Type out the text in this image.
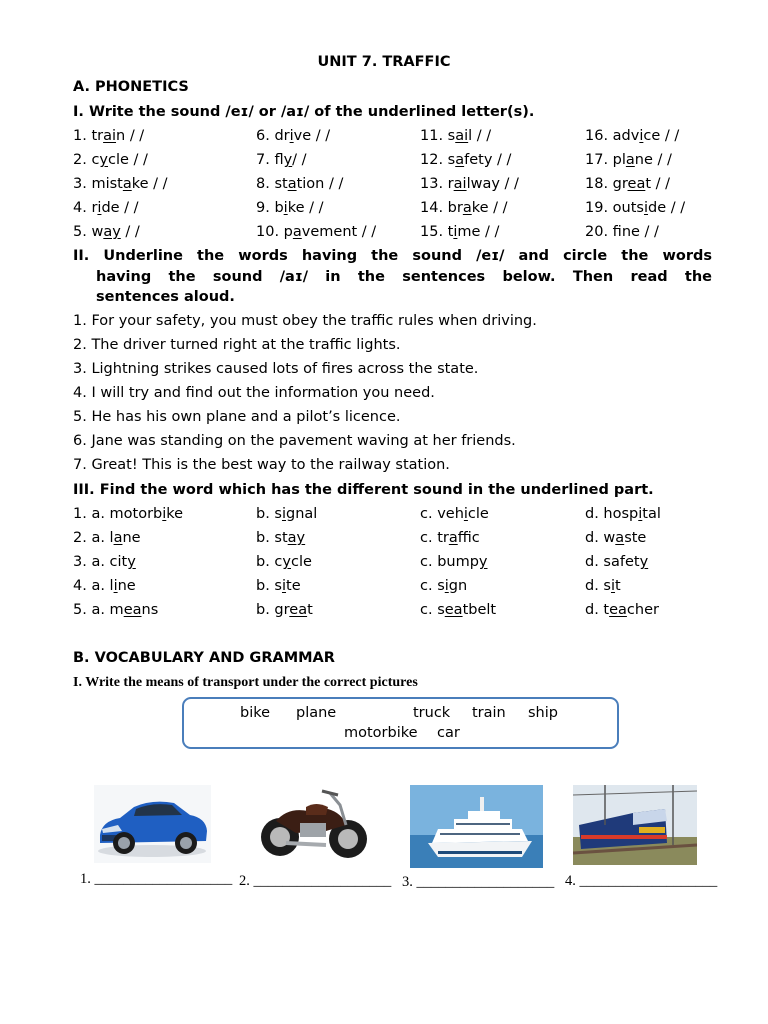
UNIT 7. TRAFFIC
A. PHONETICS
I. Write the sound /eɪ/ or /aɪ/ of the underlined letter(s).
1. train / /
2. cycle / /
3. mistake / /
4. ride / /
5. way / /
6. drive / /
7. fly/ /
8. station / /
9. bike / /
10. pavement / /
11. sail / /
12. safety / /
13. railway / /
14. brake / /
15. time / /
16. advice / /
17. plane / /
18. great / /
19. outside / /
20. fne / /
II. Underline the words having the sound /eɪ/ and circle the words
having the sound /aɪ/ in the sentences below. Then read the
sentences aloud.
1. For your safety, you must obey the traffic rules when driving.
2. The driver turned right at the traffic lights.
3. Lightning strikes caused lots of fires across the state.
4. I will try and find out the information you need.
5. He has his own plane and a pilot’s licence.
6. Jane was standing on the pavement waving at her friends.
7. Great! This is the best way to the railway station.
III. Find the word which has the different sound in the underlined part.
1. a. motorbike	b. signal	c. vehicle	d. hospital
2. a. lane	b. stay	c. traffic	d. waste
3. a. city	b. cycle	c. bumpy	d. safety
4. a. line	b. site	c. sign	d. sit
5. a. means	b. great	c. seatbelt	d. teacher
B. VOCABULARY AND GRAMMAR
I. Write the means of transport under the correct pictures
bike plane	truck train ship
motorbike car
1. ___________________ 2. ___________________ 3. ___________________ 4. ___________________
